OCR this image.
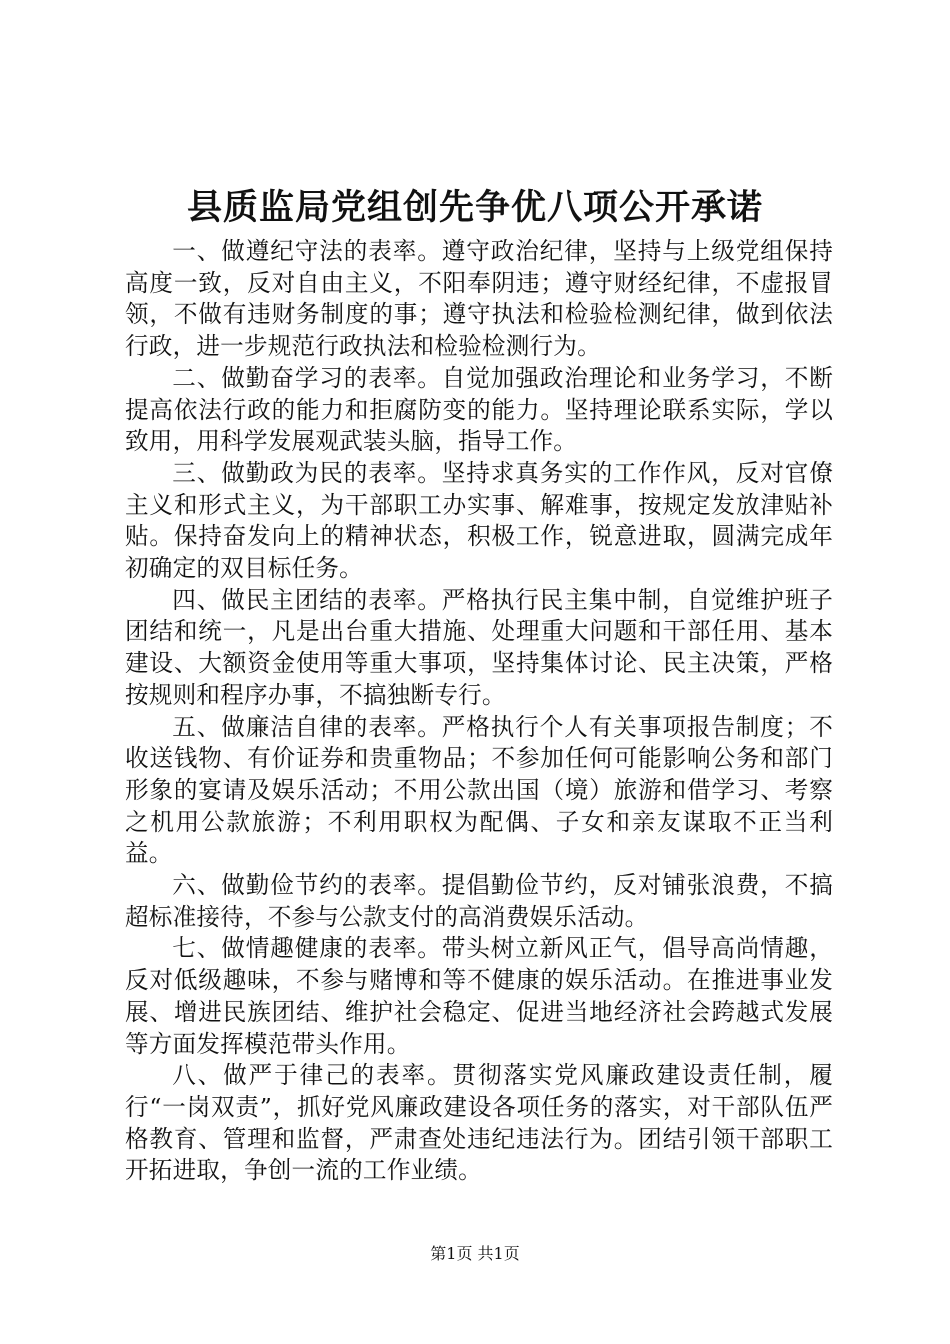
县质监局党组创先争优八项公开承诺

一、做遵纪守法的表率。遵守政治纪律，坚持与上级党组保持高度一致，反对自由主义，不阳奉阴违；遵守财经纪律，不虚报冒领，不做有违财务制度的事；遵守执法和检验检测纪律，做到依法行政，进一步规范行政执法和检验检测行为。

二、做勤奋学习的表率。自觉加强政治理论和业务学习，不断提高依法行政的能力和拒腐防变的能力。坚持理论联系实际，学以致用，用科学发展观武装头脑，指导工作。

三、做勤政为民的表率。坚持求真务实的工作作风，反对官僚主义和形式主义，为干部职工办实事、解难事，按规定发放津贴补贴。保持奋发向上的精神状态，积极工作，锐意进取，圆满完成年初确定的双目标任务。

四、做民主团结的表率。严格执行民主集中制，自觉维护班子团结和统一，凡是出台重大措施、处理重大问题和干部任用、基本建设、大额资金使用等重大事项，坚持集体讨论、民主决策，严格按规则和程序办事，不搞独断专行。

五、做廉洁自律的表率。严格执行个人有关事项报告制度；不收送钱物、有价证券和贵重物品；不参加任何可能影响公务和部门形象的宴请及娱乐活动；不用公款出国（境）旅游和借学习、考察之机用公款旅游；不利用职权为配偶、子女和亲友谋取不正当利益。

六、做勤俭节约的表率。提倡勤俭节约，反对铺张浪费，不搞超标准接待，不参与公款支付的高消费娱乐活动。

七、做情趣健康的表率。带头树立新风正气，倡导高尚情趣，反对低级趣味，不参与赌博和等不健康的娱乐活动。在推进事业发展、增进民族团结、维护社会稳定、促进当地经济社会跨越式发展等方面发挥模范带头作用。

八、做严于律己的表率。贯彻落实党风廉政建设责任制，履行“一岗双责”，抓好党风廉政建设各项任务的落实，对干部队伍严格教育、管理和监督，严肃查处违纪违法行为。团结引领干部职工开拓进取，争创一流的工作业绩。

第1页 共1页
